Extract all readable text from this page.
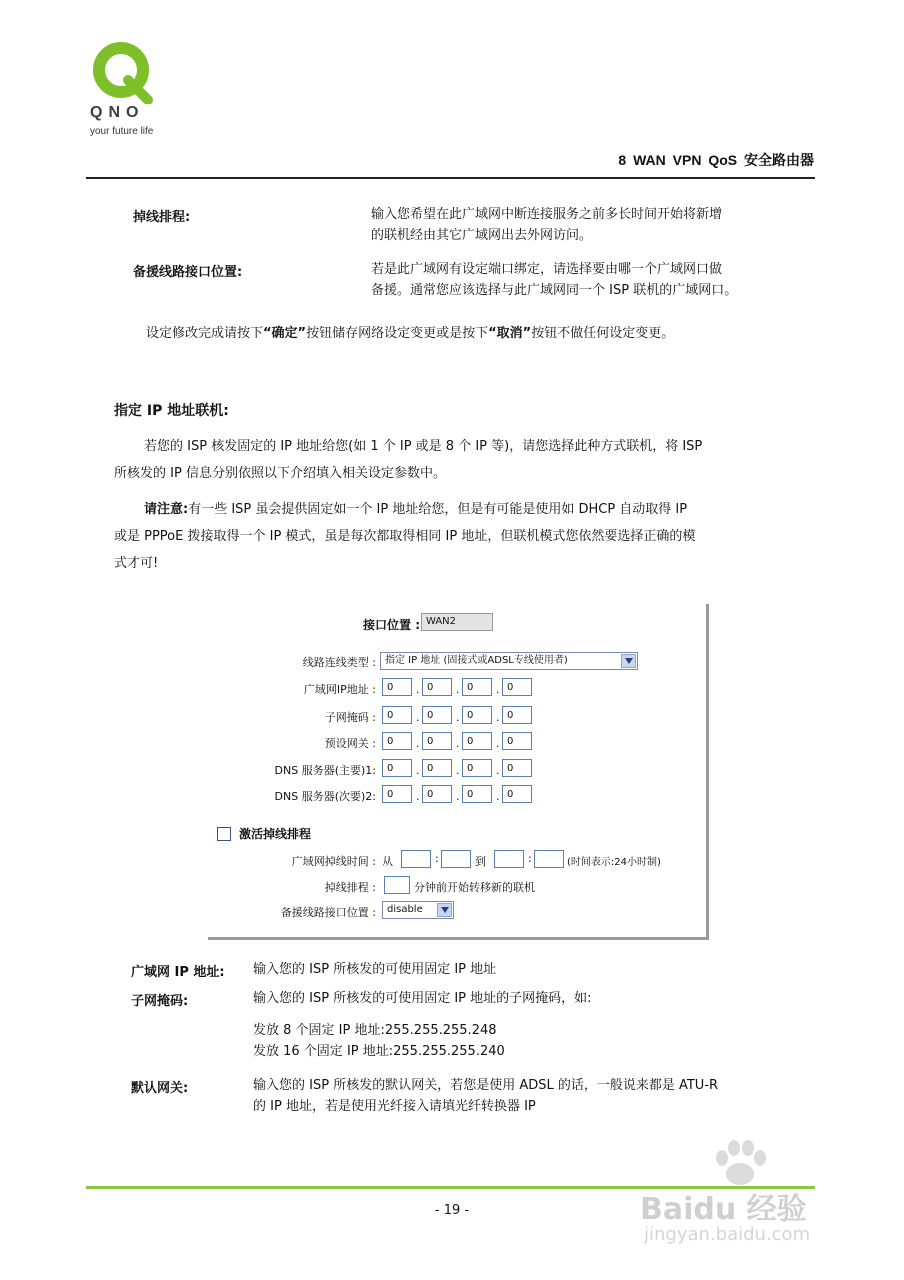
QNO
your future life
8 WAN VPN QoS 安全路由器
掉线排程:	输入您希望在此广域网中断连接服务之前多长时间开始将新增
的联机经由其它广域网出去外网访问。
备援线路接口位置:	若是此广域网有设定端口绑定，请选择要由哪一个广域网口做
备援。通常您应该选择与此广域网同一个 ISP 联机的广域网口。
设定修改完成请按下“确定”按钮储存网络设定变更或是按下“取消”按钮不做任何设定变更。
指定 IP 地址联机:
若您的 ISP 核发固定的 IP 地址给您(如 1 个 IP 或是 8 个 IP 等)，请您选择此种方式联机，将 ISP
所核发的 IP 信息分别依照以下介绍填入相关设定参数中。
请注意:有一些 ISP 虽会提供固定如一个 IP 地址给您，但是有可能是使用如 DHCP 自动取得 IP
或是 PPPoE 拨接取得一个 IP 模式，虽是每次都取得相同 IP 地址，但联机模式您依然要选择正确的模
式才可!
接口位置 : WAN2
线路连线类型 : 指定 IP 地址 (固接式或ADSL专线使用者)
广域网IP地址 :	0	. 0	. 0	. 0
子网掩码 :	0	. 0	. 0	. 0
预设网关 :	0	. 0	. 0	. 0
DNS 服务器(主要)1:	0	. 0	. 0	. 0
DNS 服务器(次要)2:	0	. 0	. 0	. 0
激活掉线排程
广域网掉线时间 : 从	:	到	:	(时间表示:24小时制)
掉线排程 :	分钟前开始转移新的联机
备援线路接口位置 :	disable
广域网 IP 地址: 输入您的 ISP 所核发的可使用固定 IP 地址
子网掩码:	输入您的 ISP 所核发的可使用固定 IP 地址的子网掩码，如:
发放 8 个固定 IP 地址:255.255.255.248
发放 16 个固定 IP 地址:255.255.255.240
默认网关:	输入您的 ISP 所核发的默认网关，若您是使用 ADSL 的话，一般说来都是 ATU-R
的 IP 地址，若是使用光纤接入请填光纤转换器 IP
- 19 -	Baidu 经验
jingyan.baidu.com
